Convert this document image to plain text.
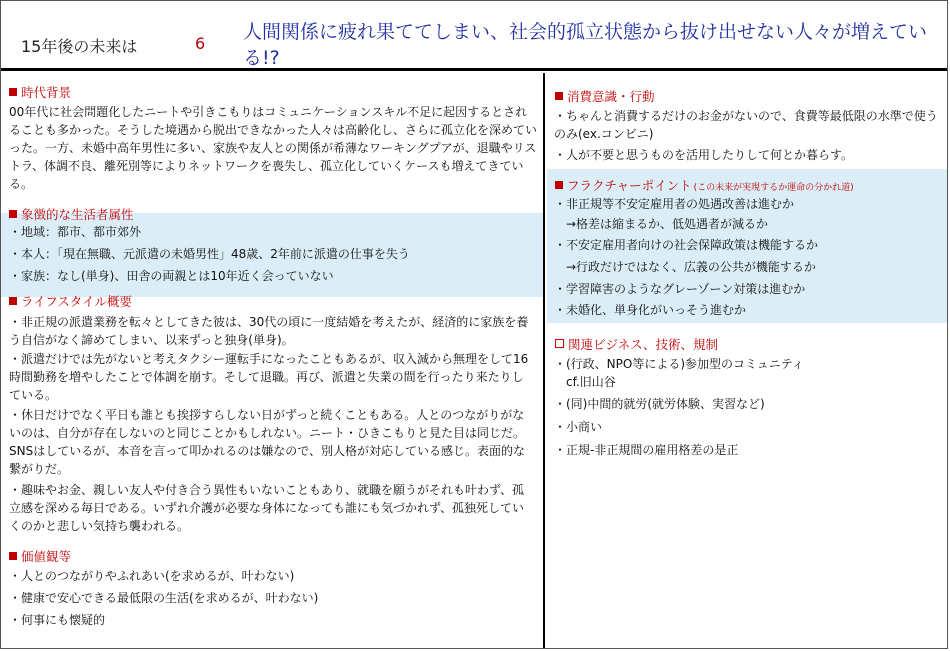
15年後の未来は	6
人間関係に疲れ果ててしまい、社会的孤立状態から抜け出せない人々が増えている!?
時代背景
00年代に社会問題化したニートや引きこもりはコミュニケーションスキル不足に起因するとされることも多かった。そうした境遇から脱出できなかった人々は高齢化し、さらに孤立化を深めていった。一方、未婚中高年男性に多い、家族や友人との関係が希薄なワーキングプアが、退職やリストラ、体調不良、離死別等によりネットワークを喪失し、孤立化していくケースも増えてきている。
象徴的な生活者属性
・地域：都市、都市郊外
・本人：「現在無職、元派遣の未婚男性」48歳、2年前に派遣の仕事を失う
・家族：なし(単身)、田舎の両親とは10年近く会っていない
ライフスタイル概要
・非正規の派遣業務を転々としてきた彼は、30代の頃に一度結婚を考えたが、経済的に家族を養う自信がなく諦めてしまい、以来ずっと独身(単身)。
・派遣だけでは先がないと考えタクシー運転手になったこともあるが、収入減から無理をして16時間勤務を増やしたことで体調を崩す。そして退職。再び、派遣と失業の間を行ったり来たりしている。
・休日だけでなく平日も誰とも挨拶すらしない日がずっと続くこともある。人とのつながりがないのは、自分が存在しないのと同じことかもしれない。ニート・ひきこもりと見た目は同じだ。SNSはしているが、本音を言って叩かれるのは嫌なので、別人格が対応している感じ。表面的な繋がりだ。
・趣味やお金、親しい友人や付き合う異性もいないこともあり、就職を願うがそれも叶わず、孤立感を深める毎日である。いずれ介護が必要な身体になっても誰にも気づかれず、孤独死していくのかと悲しい気持ち襲われる。
価値観等
・人とのつながりやふれあい(を求めるが、叶わない)
・健康で安心できる最低限の生活(を求めるが、叶わない)
・何事にも懐疑的
消費意識・行動
・ちゃんと消費するだけのお金がないので、食費等最低限の水準で使うのみ(ex.コンビニ)
・人が不要と思うものを活用したりして何とか暮らす。
フラクチャーポイント (この未来が実現するか運命の分かれ道)
・非正規等不安定雇用者の処遇改善は進むか
　→格差は縮まるか、低処遇者が減るか
・不安定雇用者向けの社会保障政策は機能するか
　→行政だけではなく、広義の公共が機能するか
・学習障害のようなグレーゾーン対策は進むか
・未婚化、単身化がいっそう進むか
関連ビジネス、技術、規制
・(行政、NPO等による)参加型のコミュニティ
　cf.旧山谷
・(同)中間的就労(就労体験、実習など)
・小商い
・正規-非正規間の雇用格差の是正
